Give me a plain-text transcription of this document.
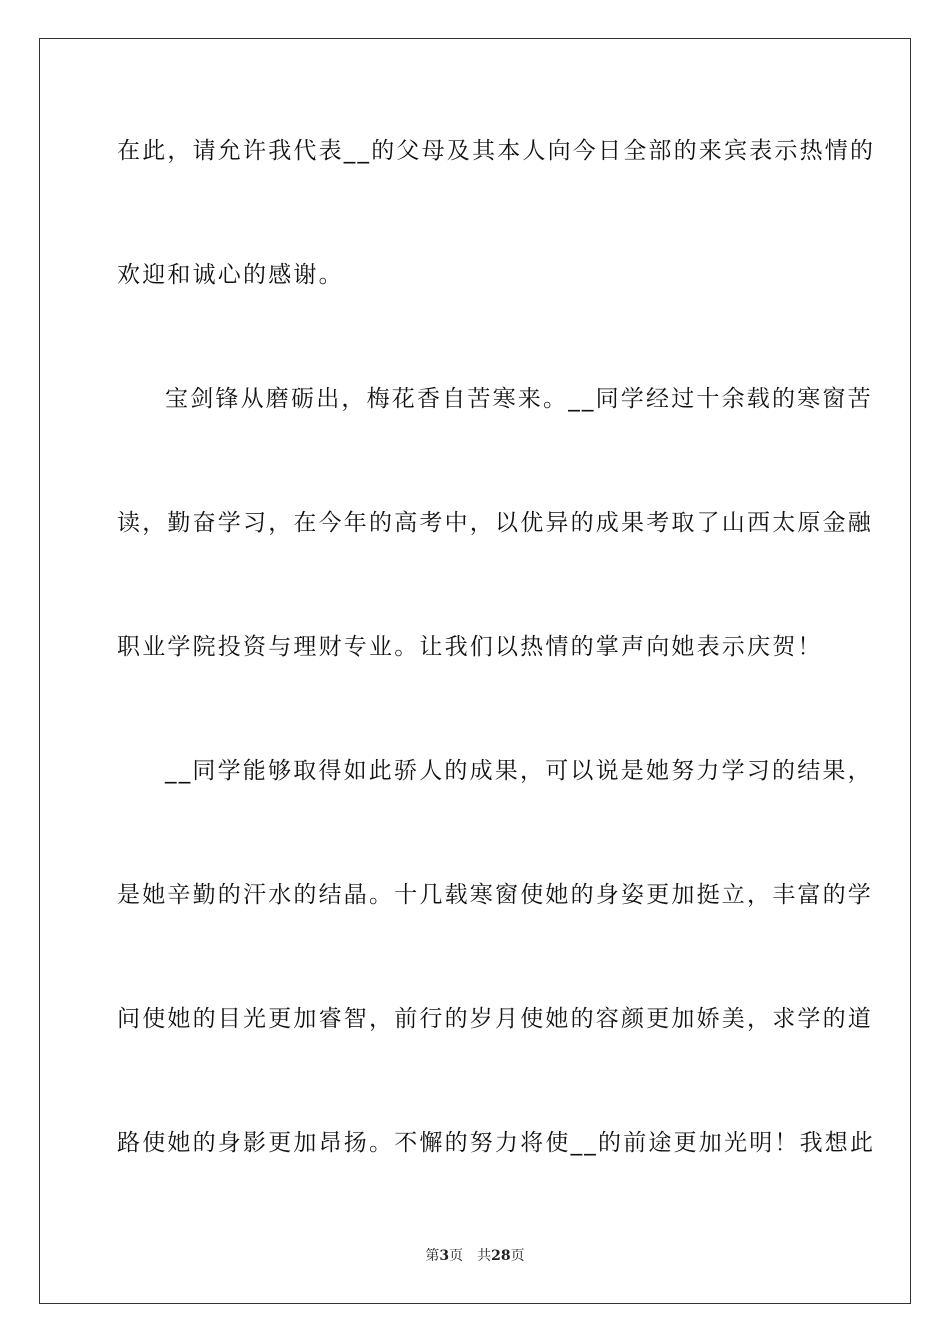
在此，请允许我代表__的父母及其本人向今日全部的来宾表示热情的
欢迎和诚心的感谢。
宝剑锋从磨砺出，梅花香自苦寒来。__同学经过十余载的寒窗苦
读，勤奋学习，在今年的高考中，以优异的成果考取了山西太原金融
职业学院投资与理财专业。让我们以热情的掌声向她表示庆贺！
__同学能够取得如此骄人的成果，可以说是她努力学习的结果，
是她辛勤的汗水的结晶。十几载寒窗使她的身姿更加挺立，丰富的学
问使她的目光更加睿智，前行的岁月使她的容颜更加娇美，求学的道
路使她的身影更加昂扬。不懈的努力将使__的前途更加光明！我想此
第3页 共28页
